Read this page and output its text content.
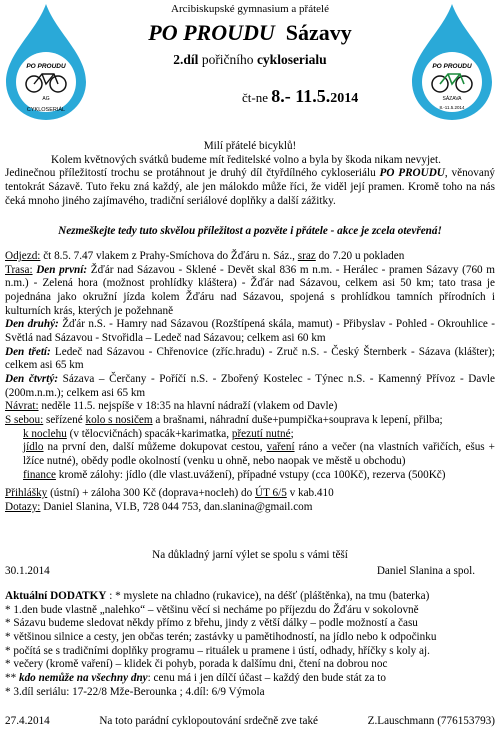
PO PROUDU
AG
CYKLOSERIÁL
PO PROUDU
SÁZAVA
8.-11.5.2014
Arcibiskupské gymnasium a přátelé
PO PROUDU Sázavy
2.díl pořičního cykloserialu
čt-ne 8.- 11.5.2014

Milí přátelé bicyklů!

Kolem květnových svátků budeme mít ředitelské volno a byla by škoda nikam nevyjet.

Jedinečnou příležitostí trochu se protáhnout je druhý díl čtyřdílného cykloseriálu PO PROUDU, věnovaný tentokrát Sázavě. Tuto řeku zná každý, ale jen málokdo může říci, že viděl její pramen. Kromě toho na nás čeká mnoho jiného zajímavého, tradiční seriálové doplňky a další zážitky.

Nezmeškejte tedy tuto skvělou příležitost a pozvěte i přátele - akce je zcela otevřená!

Odjezd: čt 8.5. 7.47 vlakem z Prahy-Smíchova do Žďáru n. Sáz., sraz do 7.20 u pokladen

Trasa: Den první: Žďár nad Sázavou - Sklené - Devět skal 836 m n.m. - Herálec - pramen Sázavy (760 m n.m.) - Zelená hora (možnost prohlídky kláštera) - Žďár nad Sázavou, celkem asi 50 km; tato trasa je pojednána jako okružní jízda kolem Žďáru nad Sázavou, spojená s prohlídkou tamních přírodních i kulturních krás, kterých je požehnaně

Den druhý: Žďár n.S. - Hamry nad Sázavou (Rozštípená skála, mamut) - Přibyslav - Pohled - Okrouhlice - Světlá nad Sázavou - Stvořidla – Ledeč nad Sázavou; celkem asi 60 km

Den třetí: Ledeč nad Sázavou - Chřenovice (zříc.hradu) - Zruč n.S. - Český Šternberk - Sázava (klášter); celkem asi 65 km

Den čtvrtý: Sázava – Čerčany - Poříčí n.S. - Zbořený Kostelec - Týnec n.S. - Kamenný Přívoz - Davle (200m.n.m.); celkem asi 65 km

Návrat: neděle 11.5. nejspíše v 18:35 na hlavní nádraží (vlakem od Davle)

S sebou: seřízené kolo s nosičem a brašnami, náhradní duše+pumpička+souprava k lepení, přilba;

k noclehu (v tělocvičnách) spacák+karimatka, přezutí nutné;

jídlo na první den, další můžeme dokupovat cestou, vaření ráno a večer (na vlastních vařičích, ešus + lžíce nutné), obědy podle okolností (venku u ohně, nebo naopak ve městě u obchodu)

finance kromě zálohy: jídlo (dle vlast.uvážení), případné vstupy (cca 100Kč), rezerva (500Kč)

Přihlášky (ústní) + záloha 300 Kč (doprava+nocleh) do ÚT 6/5 v kab.410

Dotazy: Daniel Slanina, VI.B, 728 044 753, dan.slanina@gmail.com

Na důkladný jarní výlet se spolu s vámi těší
30.1.2014	Daniel Slanina a spol.

Aktuální DODATKY : * myslete na chladno (rukavice), na déšť (pláštěnka), na tmu (baterka)

* 1.den bude vlastně „nalehko“ – většinu věcí si necháme po příjezdu do Žďáru v sokolovně

* Sázavu budeme sledovat někdy přímo z břehu, jindy z větší dálky – podle možností a času

* většinou silnice a cesty, jen občas terén; zastávky u pamětihodností, na jídlo nebo k odpočinku

* počítá se s tradičními doplňky programu – rituálek u pramene i ústí, odhady, hříčky s koly aj.

* večery (kromě vaření) – klidek či pohyb, porada k dalšímu dni, čtení na dobrou noc

** kdo nemůže na všechny dny: cenu má i jen dílčí účast – každý den bude stát za to

* 3.díl seriálu: 17-22/8 Mže-Berounka ; 4.díl: 6/9 Výmola

27.4.2014	Na toto parádní cyklopoutování srdečně zve také	Z.Lauschmann (776153793)
